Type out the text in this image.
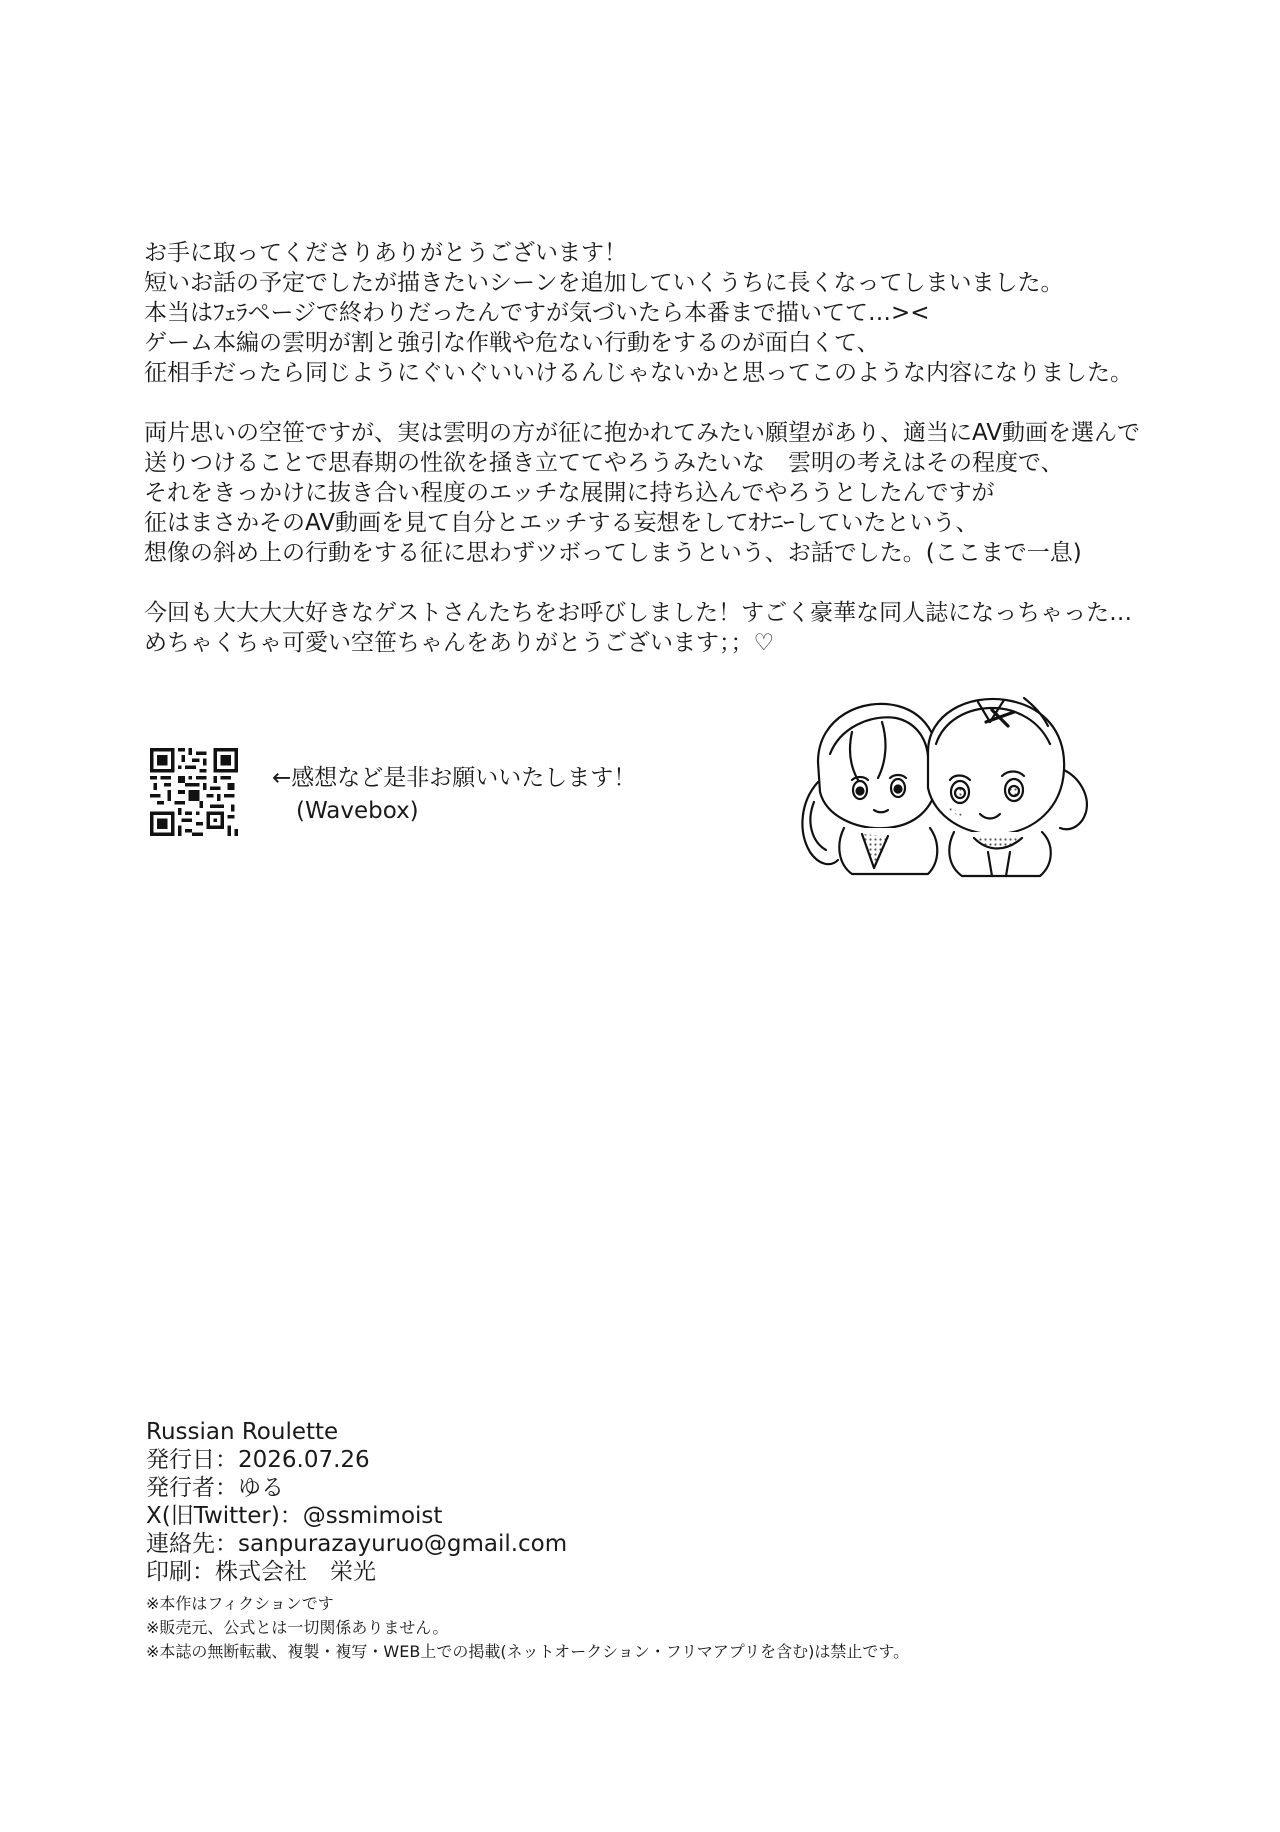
お手に取ってくださりありがとうございます！
短いお話の予定でしたが描きたいシーンを追加していくうちに長くなってしまいました。
本当はﾌｪﾗページで終わりだったんですが気づいたら本番まで描いてて…><
ゲーム本編の雲明が割と強引な作戦や危ない行動をするのが面白くて、
征相手だったら同じようにぐいぐいいけるんじゃないかと思ってこのような内容になりました。

両片思いの空笹ですが、実は雲明の方が征に抱かれてみたい願望があり、適当にAV動画を選んで
送りつけることで思春期の性欲を掻き立ててやろうみたいな　雲明の考えはその程度で、
それをきっかけに抜き合い程度のエッチな展開に持ち込んでやろうとしたんですが
征はまさかそのAV動画を見て自分とエッチする妄想をしてｵﾅﾆｰしていたという、
想像の斜め上の行動をする征に思わずツボってしまうという、お話でした。(ここまで一息)

今回も大大大大好きなゲストさんたちをお呼びしました！すごく豪華な同人誌になっちゃった…
めちゃくちゃ可愛い空笹ちゃんをありがとうございます；；♡

←感想など是非お願いいたします！
(Wavebox)
Russian Roulette
発行日：2026.07.26
発行者：ゆる
X(旧Twitter)：@ssmimoist
連絡先：sanpurazayuruo@gmail.com
印刷：株式会社　栄光
※本作はフィクションです
※販売元、公式とは一切関係ありません。
※本誌の無断転載、複製・複写・WEB上での掲載(ネットオークション・フリマアプリを含む)は禁止です。
